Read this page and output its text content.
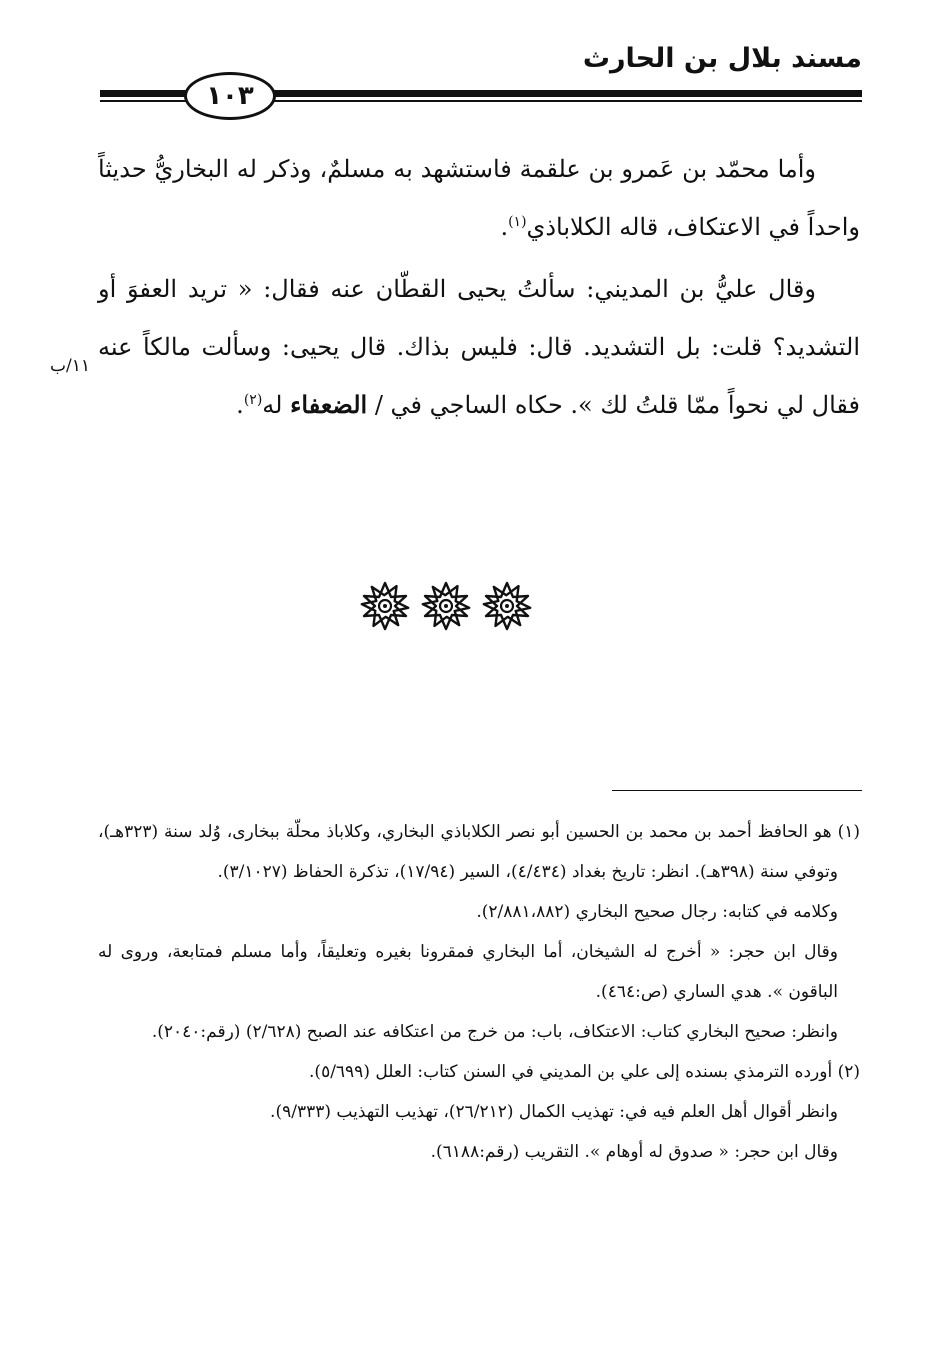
مسند بلال بن الحارث
١٠٣

وأما محمّد بن عَمرو بن علقمة فاستشهد به مسلمٌ، وذكر له البخاريُّ حديثاً واحداً في الاعتكاف، قاله الكلاباذي$^{(١)}$.

وقال عليُّ بن المديني: سألتُ يحيى القطّان عنه فقال: « تريد العفوَ أو التشديد؟ قلت: بل التشديد. قال: فليس بذاك. قال يحيى: وسألت مالكاً عنه فقال لي نحواً ممّا قلتُ لك ». حكاه الساجي في / الضعفاء له$^{(٢)}$.

١١/ب

(١) هو الحافظ أحمد بن محمد بن الحسين أبو نصر الكلاباذي البخاري، وكلاباذ محلّة ببخارى، وُلد سنة (٣٢٣هـ)، وتوفي سنة (٣٩٨هـ). انظر: تاريخ بغداد (٤/٤٣٤)، السير (١٧/٩٤)، تذكرة الحفاظ (٣/١٠٢٧).

وكلامه في كتابه: رجال صحيح البخاري (٢/٨٨١،٨٨٢).

وقال ابن حجر: « أخرج له الشيخان، أما البخاري فمقرونا بغيره وتعليقاً، وأما مسلم فمتابعة، وروى له الباقون ». هدي الساري (ص:٤٦٤).

وانظر: صحيح البخاري كتاب: الاعتكاف، باب: من خرج من اعتكافه عند الصبح (٢/٦٢٨) (رقم:٢٠٤٠).

(٢) أورده الترمذي بسنده إلى علي بن المديني في السنن كتاب: العلل (٥/٦٩٩).

وانظر أقوال أهل العلم فيه في: تهذيب الكمال (٢٦/٢١٢)، تهذيب التهذيب (٩/٣٣٣).

وقال ابن حجر: « صدوق له أوهام ». التقريب (رقم:٦١٨٨).
